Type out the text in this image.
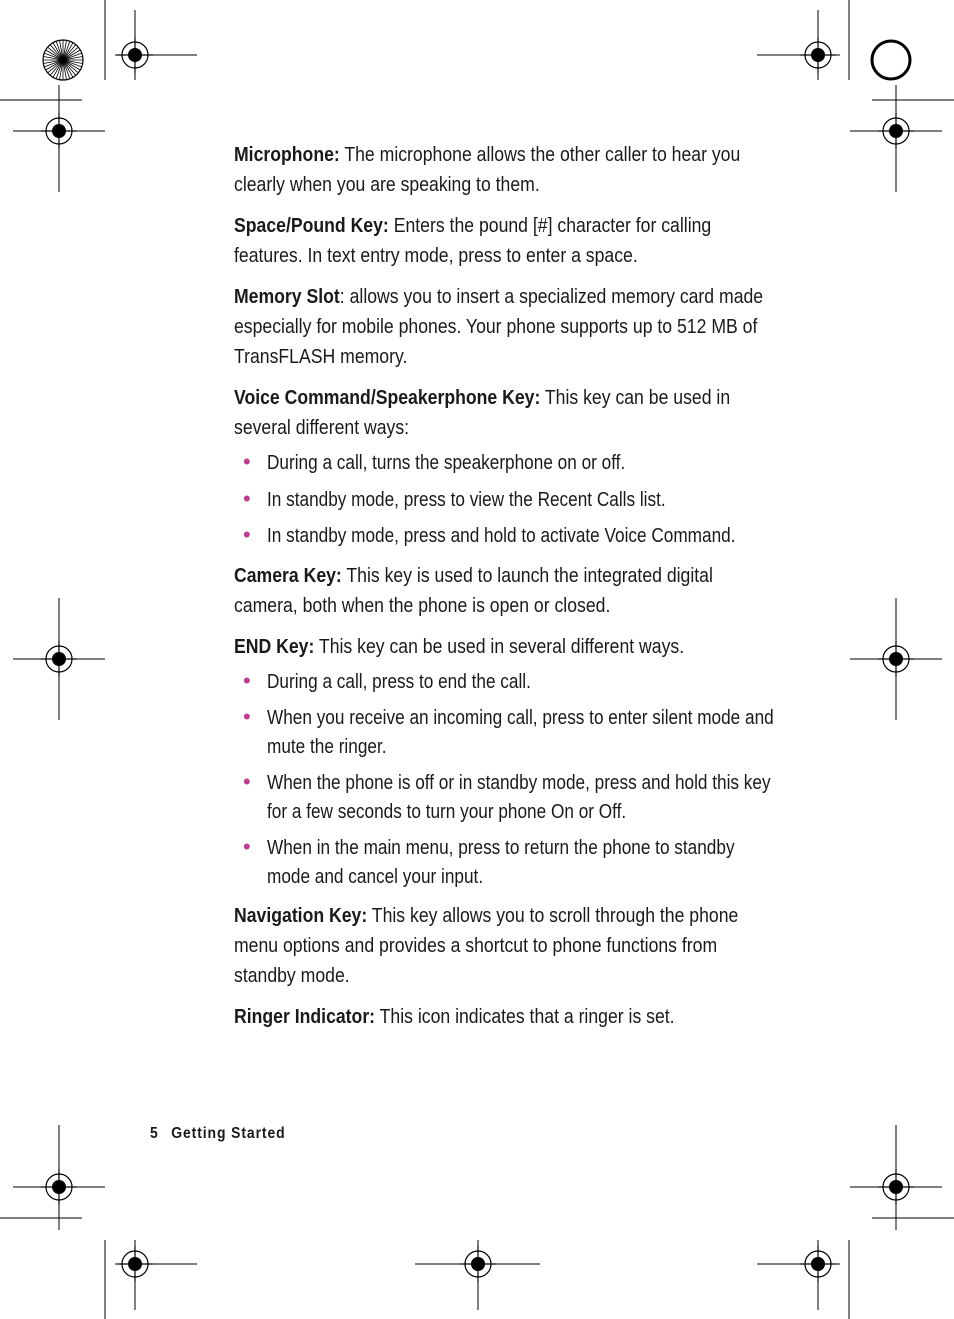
Microphone: The microphone allows the other caller to hear you clearly when you are speaking to them.

Space/Pound Key: Enters the pound [#] character for calling features. In text entry mode, press to enter a space.

Memory Slot: allows you to insert a specialized memory card made especially for mobile phones. Your phone supports up to 512 MB of TransFLASH memory.

Voice Command/Speakerphone Key: This key can be used in several different ways:

• During a call, turns the speakerphone on or off.
• In standby mode, press to view the Recent Calls list.
• In standby mode, press and hold to activate Voice Command.

Camera Key: This key is used to launch the integrated digital camera, both when the phone is open or closed.

END Key: This key can be used in several different ways.

• During a call, press to end the call.
• When you receive an incoming call, press to enter silent mode and mute the ringer.
• When the phone is off or in standby mode, press and hold this key for a few seconds to turn your phone On or Off.
• When in the main menu, press to return the phone to standby mode and cancel your input.

Navigation Key: This key allows you to scroll through the phone menu options and provides a shortcut to phone functions from standby mode.

Ringer Indicator: This icon indicates that a ringer is set.

5 Getting Started
